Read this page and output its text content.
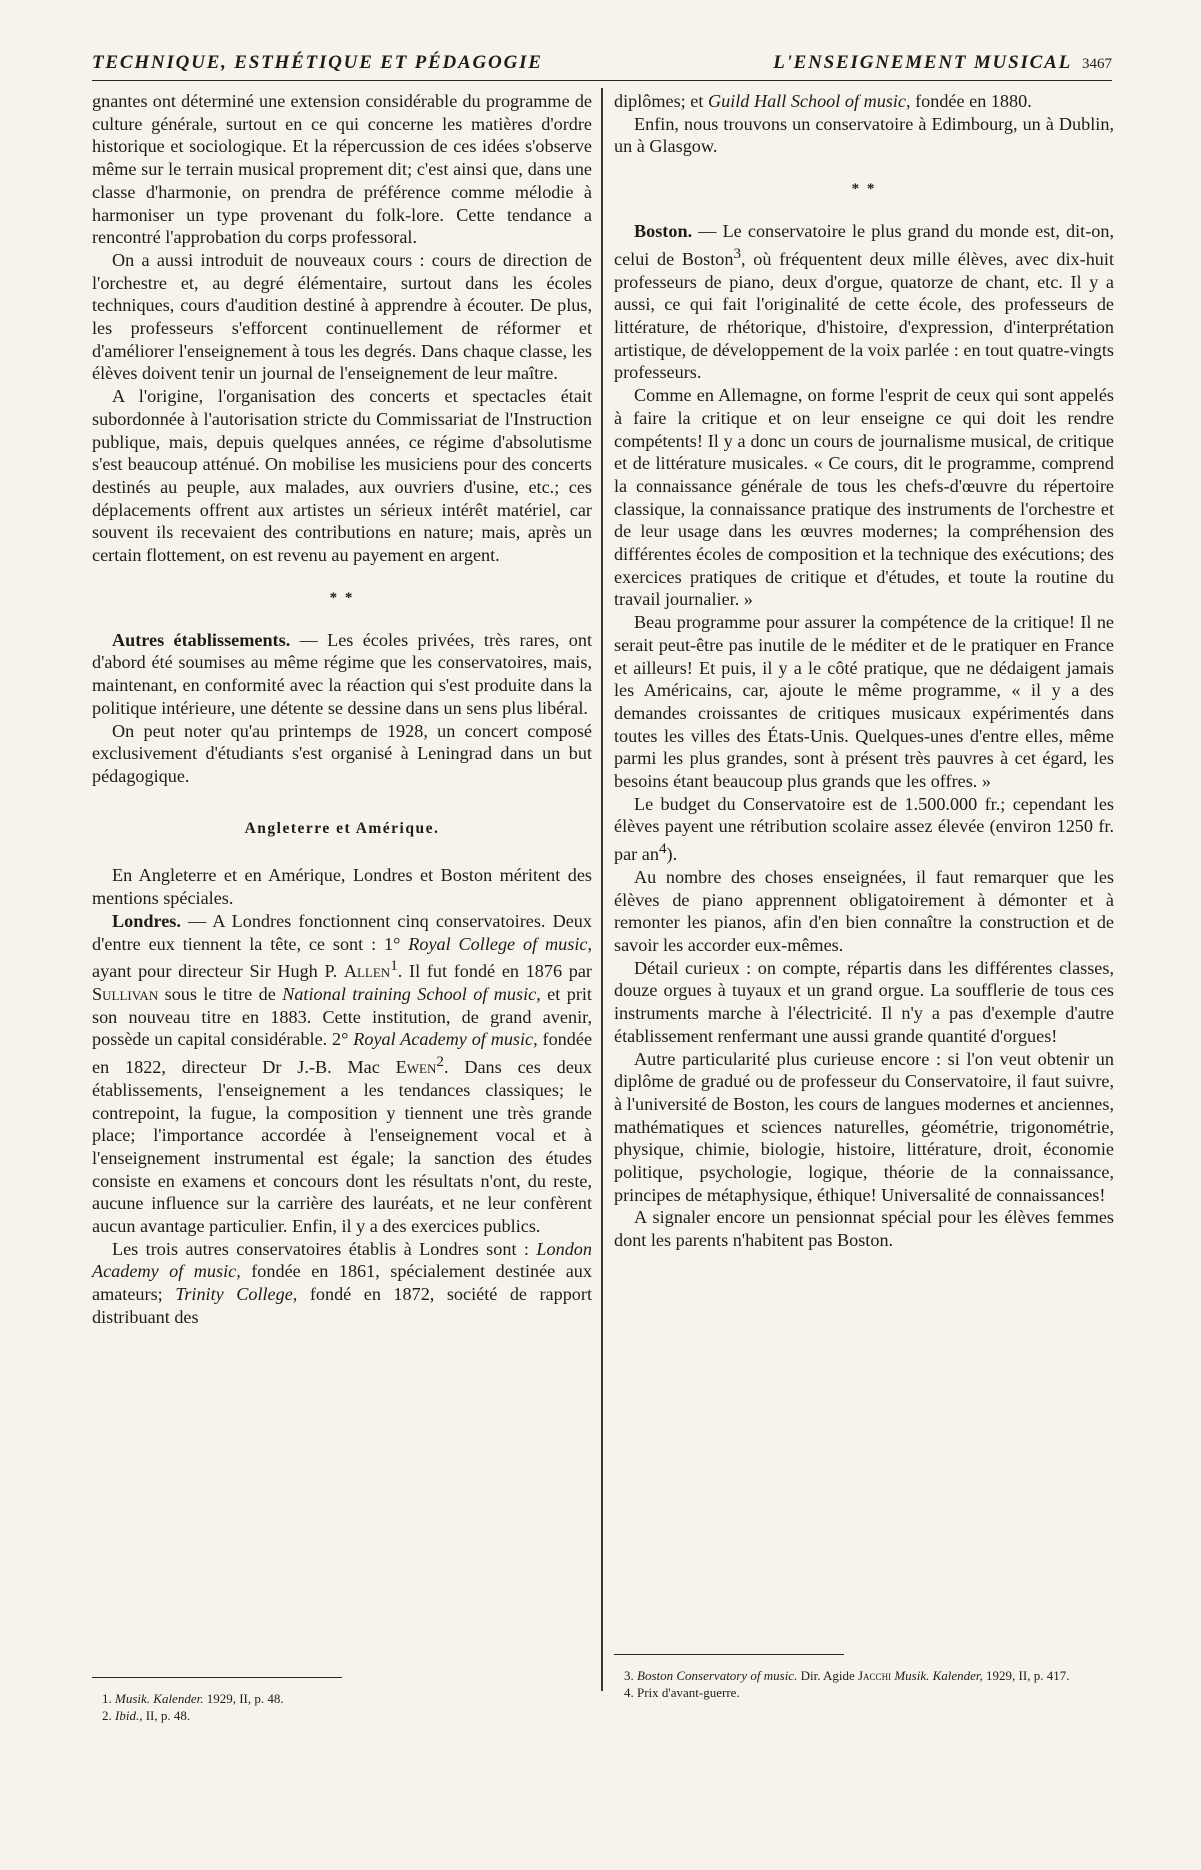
TECHNIQUE, ESTHÉTIQUE ET PÉDAGOGIE	L'ENSEIGNEMENT MUSICAL 3467

gnantes ont déterminé une extension considérable du programme de culture générale, surtout en ce qui concerne les matières d'ordre historique et sociologique. Et la répercussion de ces idées s'observe même sur le terrain musical proprement dit; c'est ainsi que, dans une classe d'harmonie, on prendra de préférence comme mélodie à harmoniser un type provenant du folk-lore. Cette tendance a rencontré l'approbation du corps professoral.

On a aussi introduit de nouveaux cours : cours de direction de l'orchestre et, au degré élémentaire, surtout dans les écoles techniques, cours d'audition destiné à apprendre à écouter. De plus, les professeurs s'efforcent continuellement de réformer et d'améliorer l'enseignement à tous les degrés. Dans chaque classe, les élèves doivent tenir un journal de l'enseignement de leur maître.

A l'origine, l'organisation des concerts et spectacles était subordonnée à l'autorisation stricte du Commissariat de l'Instruction publique, mais, depuis quelques années, ce régime d'absolutisme s'est beaucoup atténué. On mobilise les musiciens pour des concerts destinés au peuple, aux malades, aux ouvriers d'usine, etc.; ces déplacements offrent aux artistes un sérieux intérêt matériel, car souvent ils recevaient des contributions en nature; mais, après un certain flottement, on est revenu au payement en argent.

* *

Autres établissements. — Les écoles privées, très rares, ont d'abord été soumises au même régime que les conservatoires, mais, maintenant, en conformité avec la réaction qui s'est produite dans la politique intérieure, une détente se dessine dans un sens plus libéral.

On peut noter qu'au printemps de 1928, un concert composé exclusivement d'étudiants s'est organisé à Leningrad dans un but pédagogique.

Angleterre et Amérique.

En Angleterre et en Amérique, Londres et Boston méritent des mentions spéciales.

Londres. — A Londres fonctionnent cinq conservatoires. Deux d'entre eux tiennent la tête, ce sont : 1° Royal College of music, ayant pour directeur Sir Hugh P. Allen$^1$. Il fut fondé en 1876 par Sullivan sous le titre de National training School of music, et prit son nouveau titre en 1883. Cette institution, de grand avenir, possède un capital considérable. 2° Royal Academy of music, fondée en 1822, directeur Dr J.-B. Mac Ewen$^2$. Dans ces deux établissements, l'enseignement a les tendances classiques; le contrepoint, la fugue, la composition y tiennent une très grande place; l'importance accordée à l'enseignement vocal et à l'enseignement instrumental est égale; la sanction des études consiste en examens et concours dont les résultats n'ont, du reste, aucune influence sur la carrière des lauréats, et ne leur confèrent aucun avantage particulier. Enfin, il y a des exercices publics.

Les trois autres conservatoires établis à Londres sont : London Academy of music, fondée en 1861, spécialement destinée aux amateurs; Trinity College, fondé en 1872, société de rapport distribuant des

diplômes; et Guild Hall School of music, fondée en 1880.

Enfin, nous trouvons un conservatoire à Edimbourg, un à Dublin, un à Glasgow.

* *

Boston. — Le conservatoire le plus grand du monde est, dit-on, celui de Boston$^3$, où fréquentent deux mille élèves, avec dix-huit professeurs de piano, deux d'orgue, quatorze de chant, etc. Il y a aussi, ce qui fait l'originalité de cette école, des professeurs de littérature, de rhétorique, d'histoire, d'expression, d'interprétation artistique, de développement de la voix parlée : en tout quatre-vingts professeurs.

Comme en Allemagne, on forme l'esprit de ceux qui sont appelés à faire la critique et on leur enseigne ce qui doit les rendre compétents! Il y a donc un cours de journalisme musical, de critique et de littérature musicales. « Ce cours, dit le programme, comprend la connaissance générale de tous les chefs-d'œuvre du répertoire classique, la connaissance pratique des instruments de l'orchestre et de leur usage dans les œuvres modernes; la compréhension des différentes écoles de composition et la technique des exécutions; des exercices pratiques de critique et d'études, et toute la routine du travail journalier. »

Beau programme pour assurer la compétence de la critique! Il ne serait peut-être pas inutile de le méditer et de le pratiquer en France et ailleurs! Et puis, il y a le côté pratique, que ne dédaigent jamais les Américains, car, ajoute le même programme, « il y a des demandes croissantes de critiques musicaux expérimentés dans toutes les villes des États-Unis. Quelques-unes d'entre elles, même parmi les plus grandes, sont à présent très pauvres à cet égard, les besoins étant beaucoup plus grands que les offres. »

Le budget du Conservatoire est de 1.500.000 fr.; cependant les élèves payent une rétribution scolaire assez élevée (environ 1250 fr. par $an^4$).

Au nombre des choses enseignées, il faut remarquer que les élèves de piano apprennent obligatoirement à démonter et à remonter les pianos, afin d'en bien connaître la construction et de savoir les accorder eux-mêmes.

Détail curieux : on compte, répartis dans les différentes classes, douze orgues à tuyaux et un grand orgue. La soufflerie de tous ces instruments marche à l'électricité. Il n'y a pas d'exemple d'autre établissement renfermant une aussi grande quantité d'orgues!

Autre particularité plus curieuse encore : si l'on veut obtenir un diplôme de gradué ou de professeur du Conservatoire, il faut suivre, à l'université de Boston, les cours de langues modernes et anciennes, mathématiques et sciences naturelles, géométrie, trigonométrie, physique, chimie, biologie, histoire, littérature, droit, économie politique, psychologie, logique, théorie de la connaissance, principes de métaphysique, éthique! Universalité de connaissances!

A signaler encore un pensionnat spécial pour les élèves femmes dont les parents n'habitent pas Boston.

1. Musik. Kalender. 1929, II, p. 48.

2. Ibid., II, p. 48.

3. Boston Conservatory of music. Dir. Agide Jacchi Musik. Kalender, 1929, II, p. 417.

4. Prix d'avant-guerre.
